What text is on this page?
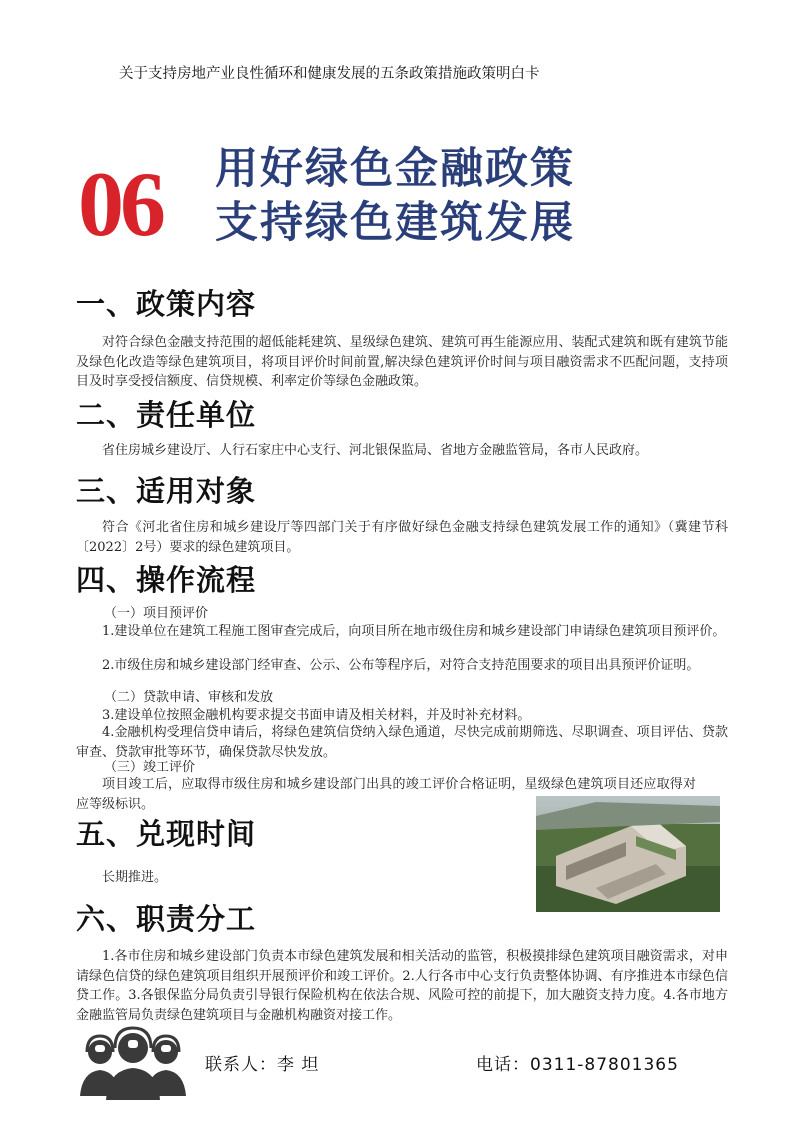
关于支持房地产业良性循环和健康发展的五条政策措施政策明白卡
06 用好绿色金融政策
支持绿色建筑发展
一、政策内容

对符合绿色金融支持范围的超低能耗建筑、星级绿色建筑、建筑可再生能源应用、装配式建筑和既有建筑节能及绿色化改造等绿色建筑项目，将项目评价时间前置,解决绿色建筑评价时间与项目融资需求不匹配问题，支持项目及时享受授信额度、信贷规模、利率定价等绿色金融政策。

二、责任单位

省住房城乡建设厅、人行石家庄中心支行、河北银保监局、省地方金融监管局，各市人民政府。

三、适用对象

符合《河北省住房和城乡建设厅等四部门关于有序做好绿色金融支持绿色建筑发展工作的通知》（冀建节科〔2022〕2号）要求的绿色建筑项目。

四、操作流程
（一）项目预评价

1.建设单位在建筑工程施工图审查完成后，向项目所在地市级住房和城乡建设部门申请绿色建筑项目预评价。

2.市级住房和城乡建设部门经审查、公示、公布等程序后，对符合支持范围要求的项目出具预评价证明。

（二）贷款申请、审核和发放

3.建设单位按照金融机构要求提交书面申请及相关材料，并及时补充材料。

4.金融机构受理信贷申请后，将绿色建筑信贷纳入绿色通道，尽快完成前期筛选、尽职调查、项目评估、贷款审查、贷款审批等环节，确保贷款尽快发放。

（三）竣工评价

项目竣工后，应取得市级住房和城乡建设部门出具的竣工评价合格证明，星级绿色建筑项目还应取得对应等级标识。

五、兑现时间

长期推进。

六、职责分工

1.各市住房和城乡建设部门负责本市绿色建筑发展和相关活动的监管，积极摸排绿色建筑项目融资需求，对申请绿色信贷的绿色建筑项目组织开展预评价和竣工评价。2.人行各市中心支行负责整体协调、有序推进本市绿色信贷工作。3.各银保监分局负责引导银行保险机构在依法合规、风险可控的前提下，加大融资支持力度。4.各市地方金融监管局负责绿色建筑项目与金融机构融资对接工作。

联系人：李 坦	电话：0311-87801365
